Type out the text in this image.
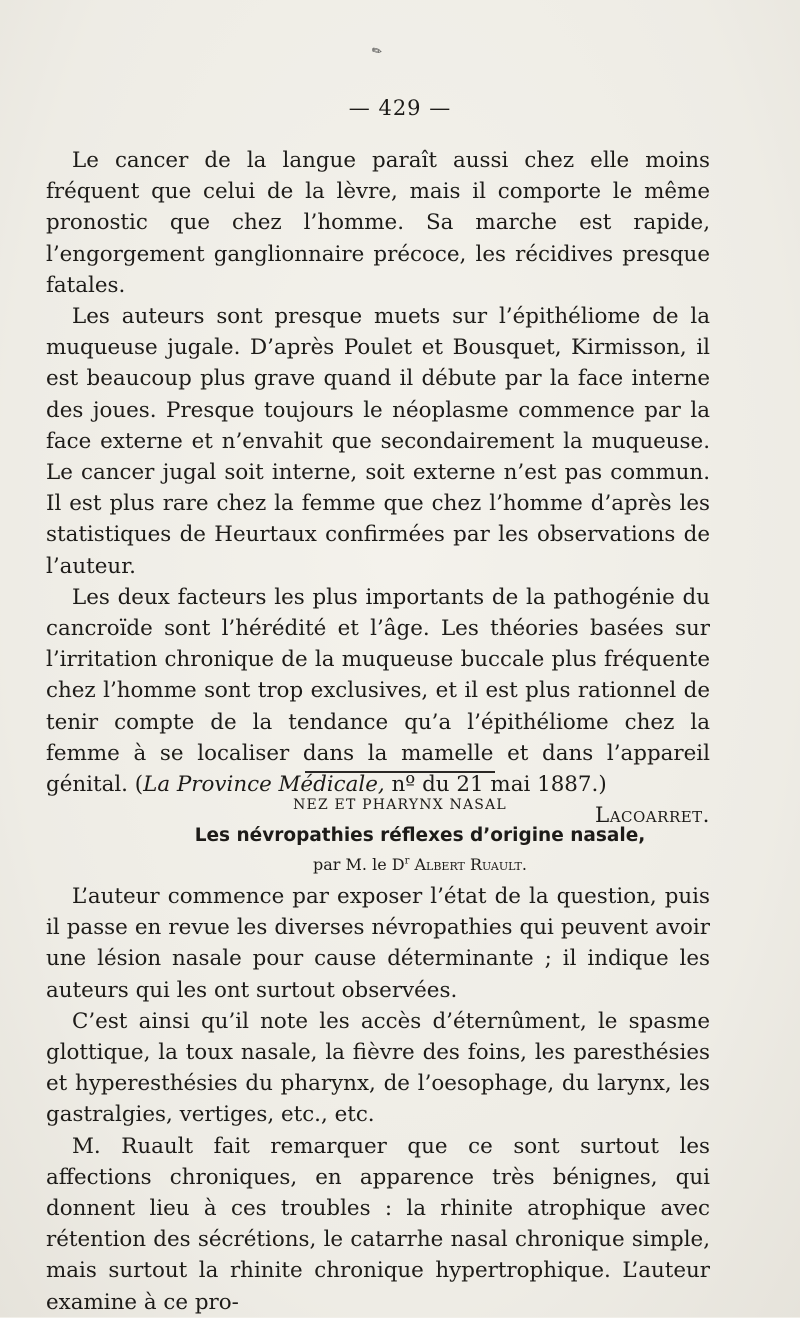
✎
— 429 —

Le cancer de la langue paraît aussi chez elle moins fréquent que celui de la lèvre, mais il comporte le même pronostic que chez l’homme. Sa marche est rapide, l’engorgement ganglionnaire précoce, les récidives presque fatales.

Les auteurs sont presque muets sur l’épithéliome de la muqueuse jugale. D’après Poulet et Bousquet, Kirmisson, il est beaucoup plus grave quand il débute par la face interne des joues. Presque toujours le néoplasme commence par la face externe et n’envahit que secondairement la muqueuse. Le cancer jugal soit interne, soit externe n’est pas commun. Il est plus rare chez la femme que chez l’homme d’après les statistiques de Heurtaux confirmées par les observations de l’auteur.

Les deux facteurs les plus importants de la pathogénie du cancroïde sont l’hérédité et l’âge. Les théories basées sur l’irritation chronique de la muqueuse buccale plus fréquente chez l’homme sont trop exclusives, et il est plus rationnel de tenir compte de la tendance qu’a l’épithéliome chez la femme à se localiser dans la mamelle et dans l’appareil génital. (La Province Médicale, nº du 21 mai 1887.)
Lacoarret.

NEZ ET PHARYNX NASAL
Les névropathies réflexes d’origine nasale,
par M. le $D^r$ Albert Ruault.

L’auteur commence par exposer l’état de la question, puis il passe en revue les diverses névropathies qui peuvent avoir une lésion nasale pour cause déterminante ; il indique les auteurs qui les ont surtout observées.

C’est ainsi qu’il note les accès d’éternûment, le spasme glottique, la toux nasale, la fièvre des foins, les paresthésies et hyperesthésies du pharynx, de l’oesophage, du larynx, les gastralgies, vertiges, etc., etc.

M. Ruault fait remarquer que ce sont surtout les affections chroniques, en apparence très bénignes, qui donnent lieu à ces troubles : la rhinite atrophique avec rétention des sécrétions, le catarrhe nasal chronique simple, mais surtout la rhinite chronique hypertrophique. L’auteur examine à ce pro-
